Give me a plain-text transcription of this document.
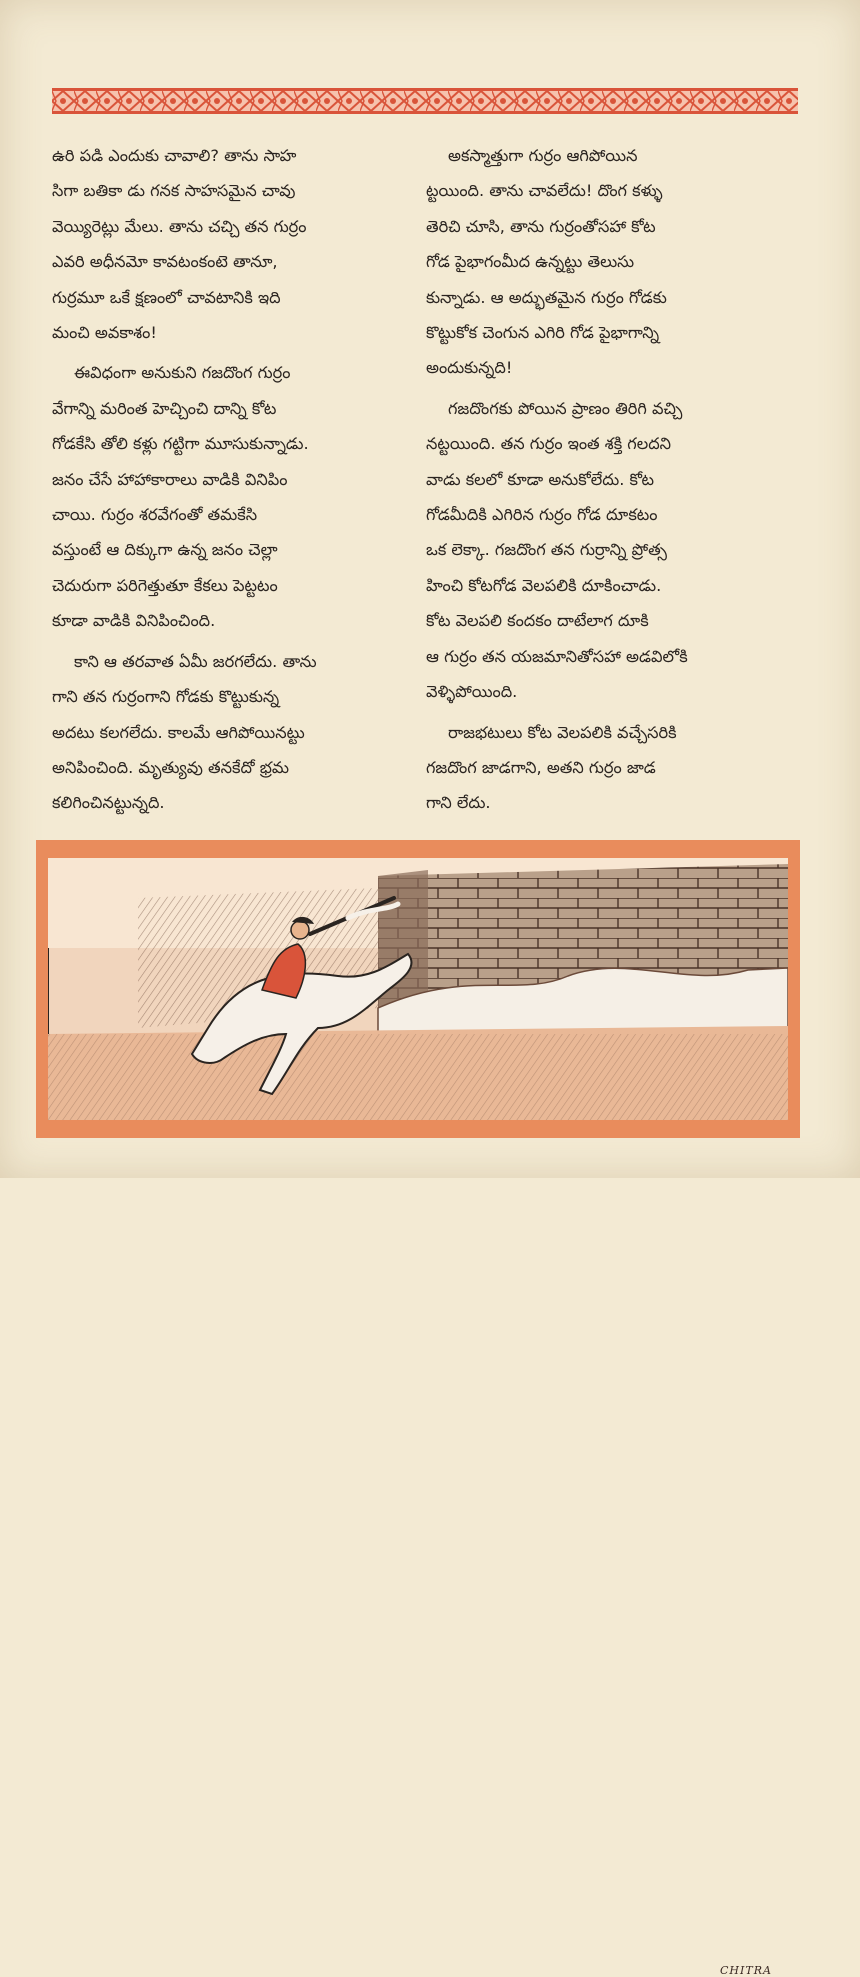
ఉరి పడి ఎందుకు చావాలి? తాను సాహ
సిగా బతికా డు గనక సాహసమైన చావు
వెయ్యిరెట్లు మేలు. తాను చచ్చి తన గుర్రం
ఎవరి అధీనమో కావటంకంటె తానూ,
గుర్రమూ ఒకే క్షణంలో చావటానికి ఇది
మంచి అవకాశం!

ఈవిధంగా అనుకుని గజదొంగ గుర్రం
వేగాన్ని మరింత హెచ్చించి దాన్ని కోట
గోడకేసి తోలి కళ్లు గట్టిగా మూసుకున్నాడు.
జనం చేసే హాహాకారాలు వాడికి వినిపిం
చాయి. గుర్రం శరవేగంతో తమకేసి
వస్తుంటే ఆ దిక్కుగా ఉన్న జనం చెల్లా
చెదురుగా పరిగెత్తుతూ కేకలు పెట్టటం
కూడా వాడికి వినిపించింది.

కాని ఆ తరవాత ఏమీ జరగలేదు. తాను
గాని తన గుర్రంగాని గోడకు కొట్టుకున్న
అదటు కలగలేదు. కాలమే ఆగిపోయినట్టు
అనిపించింది. మృత్యువు తనకేదో భ్రమ
కలిగించినట్టున్నది.

అకస్మాత్తుగా గుర్రం ఆగిపోయిన
ట్టయింది. తాను చావలేదు! దొంగ కళ్ళు
తెరిచి చూసి, తాను గుర్రంతోసహా కోట
గోడ పైభాగంమీద ఉన్నట్టు తెలుసు
కున్నాడు. ఆ అద్భుతమైన గుర్రం గోడకు
కొట్టుకోక చెంగున ఎగిరి గోడ పైభాగాన్ని
అందుకున్నది!

గజదొంగకు పోయిన ప్రాణం తిరిగి వచ్చి
నట్టయింది. తన గుర్రం ఇంత శక్తి గలదని
వాడు కలలో కూడా అనుకోలేదు. కోట
గోడమీదికి ఎగిరిన గుర్రం గోడ దూకటం
ఒక లెక్కా. గజదొంగ తన గుర్రాన్ని ప్రోత్స
హించి కోటగోడ వెలపలికి దూకించాడు.
కోట వెలపలి కందకం దాటేలాగ దూకి
ఆ గుర్రం తన యజమానితోసహా అడవిలోకి
వెళ్ళిపోయింది.

రాజభటులు కోట వెలపలికి వచ్చేసరికి
గజదొంగ జాడగాని, అతని గుర్రం జాడ
గాని లేదు.

CHITRA
